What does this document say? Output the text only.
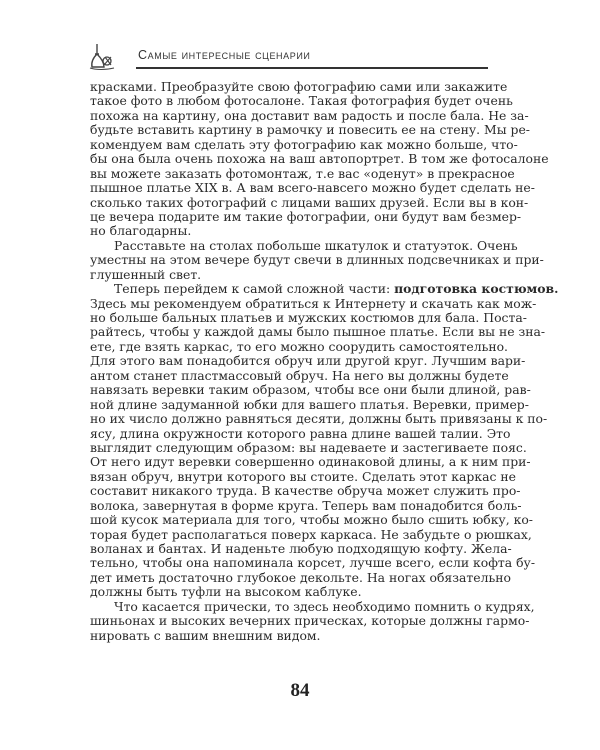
Самые интересные сценарии
красками. Преобразуйте свою фотографию сами или закажите
такое фото в любом фотосалоне. Такая фотография будет очень
похожа на картину, она доставит вам радость и после бала. Не за-
будьте вставить картину в рамочку и повесить ее на стену. Мы ре-
комендуем вам сделать эту фотографию как можно больше, что-
бы она была очень похожа на ваш автопортрет. В том же фотосалоне
вы можете заказать фотомонтаж, т.е вас «оденут» в прекрасное
пышное платье XIX в. А вам всего-навсего можно будет сделать не-
сколько таких фотографий с лицами ваших друзей. Если вы в кон-
це вечера подарите им такие фотографии, они будут вам безмер-
но благодарны.
Расставьте на столах побольше шкатулок и статуэток. Очень
уместны на этом вечере будут свечи в длинных подсвечниках и при-
глушенный свет.
Теперь перейдем к самой сложной части: подготовка костюмов.
Здесь мы рекомендуем обратиться к Интернету и скачать как мож-
но больше бальных платьев и мужских костюмов для бала. Поста-
райтесь, чтобы у каждой дамы было пышное платье. Если вы не зна-
ете, где взять каркас, то его можно соорудить самостоятельно.
Для этого вам понадобится обруч или другой круг. Лучшим вари-
антом станет пластмассовый обруч. На него вы должны будете
навязать веревки таким образом, чтобы все они были длиной, рав-
ной длине задуманной юбки для вашего платья. Веревки, пример-
но их число должно равняться десяти, должны быть привязаны к по-
ясу, длина окружности которого равна длине вашей талии. Это
выглядит следующим образом: вы надеваете и застегиваете пояс.
От него идут веревки совершенно одинаковой длины, а к ним при-
вязан обруч, внутри которого вы стоите. Сделать этот каркас не
составит никакого труда. В качестве обруча может служить про-
волока, завернутая в форме круга. Теперь вам понадобится боль-
шой кусок материала для того, чтобы можно было сшить юбку, ко-
торая будет располагаться поверх каркаса. Не забудьте о рюшках,
воланах и бантах. И наденьте любую подходящую кофту. Жела-
тельно, чтобы она напоминала корсет, лучше всего, если кофта бу-
дет иметь достаточно глубокое декольте. На ногах обязательно
должны быть туфли на высоком каблуке.
Что касается прически, то здесь необходимо помнить о кудрях,
шиньонах и высоких вечерних прическах, которые должны гармо-
нировать с вашим внешним видом.
84
